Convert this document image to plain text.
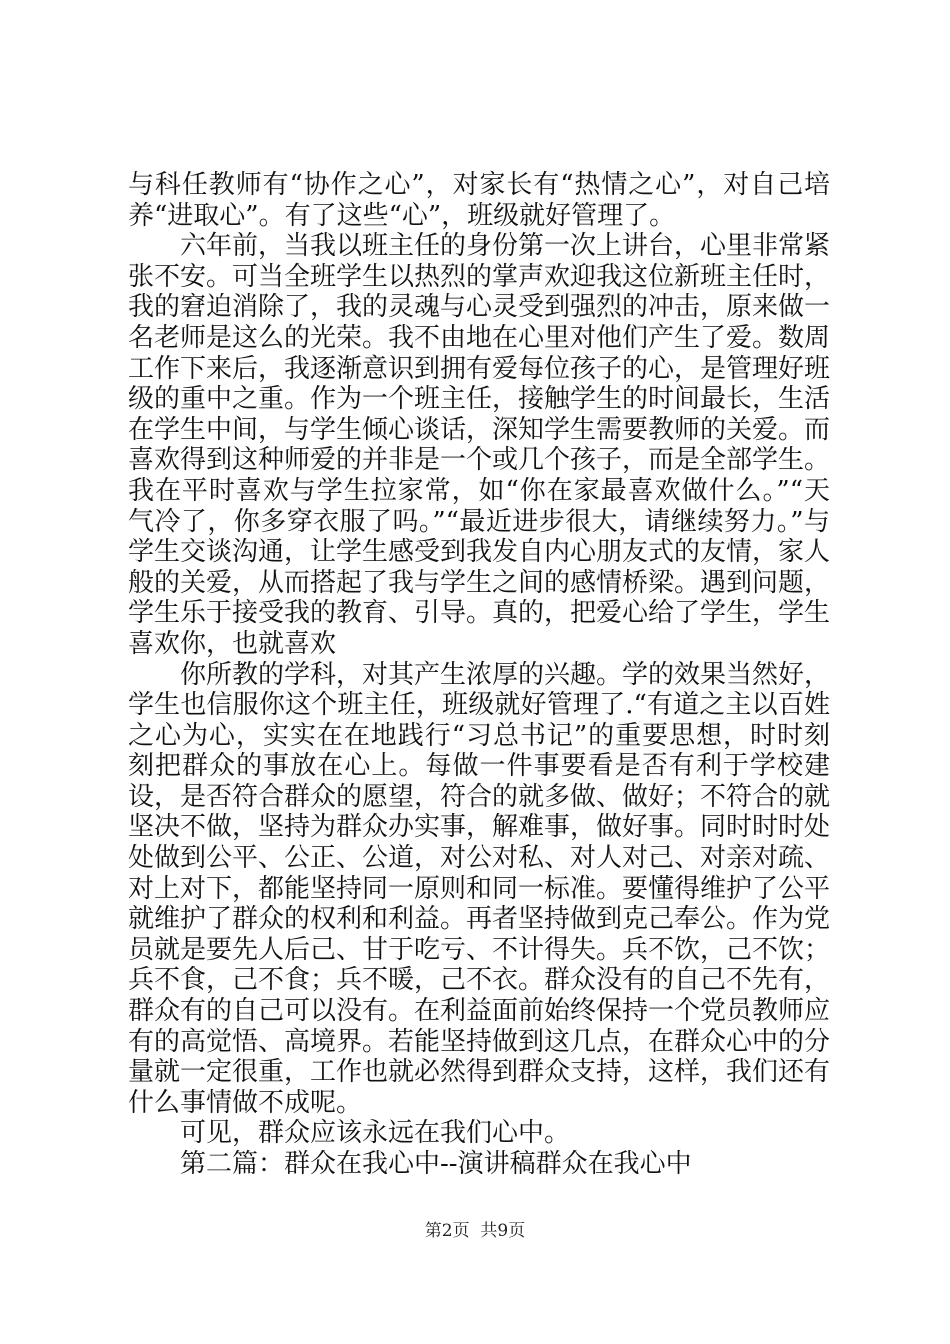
与科任教师有“协作之心”，对家长有“热情之心”，对自己培养“进取心”。有了这些“心”，班级就好管理了。

六年前，当我以班主任的身份第一次上讲台，心里非常紧张不安。可当全班学生以热烈的掌声欢迎我这位新班主任时，我的窘迫消除了，我的灵魂与心灵受到强烈的冲击，原来做一名老师是这么的光荣。我不由地在心里对他们产生了爱。数周工作下来后，我逐渐意识到拥有爱每位孩子的心，是管理好班级的重中之重。作为一个班主任，接触学生的时间最长，生活在学生中间，与学生倾心谈话，深知学生需要教师的关爱。而喜欢得到这种师爱的并非是一个或几个孩子，而是全部学生。我在平时喜欢与学生拉家常，如“你在家最喜欢做什么。”“天气冷了，你多穿衣服了吗。”“最近进步很大，请继续努力。”与学生交谈沟通，让学生感受到我发自内心朋友式的友情，家人般的关爱，从而搭起了我与学生之间的感情桥梁。遇到问题，学生乐于接受我的教育、引导。真的，把爱心给了学生，学生喜欢你，也就喜欢

你所教的学科，对其产生浓厚的兴趣。学的效果当然好，学生也信服你这个班主任，班级就好管理了.“有道之主以百姓之心为心，实实在在地践行“习总书记”的重要思想，时时刻刻把群众的事放在心上。每做一件事要看是否有利于学校建设，是否符合群众的愿望，符合的就多做、做好；不符合的就坚决不做，坚持为群众办实事，解难事，做好事。同时时时处处做到公平、公正、公道，对公对私、对人对己、对亲对疏、对上对下，都能坚持同一原则和同一标准。要懂得维护了公平就维护了群众的权利和利益。再者坚持做到克己奉公。作为党员就是要先人后己、甘于吃亏、不计得失。兵不饮，己不饮；兵不食，己不食；兵不暖，己不衣。群众没有的自己不先有，群众有的自己可以没有。在利益面前始终保持一个党员教师应有的高觉悟、高境界。若能坚持做到这几点，在群众心中的分量就一定很重，工作也就必然得到群众支持，这样，我们还有什么事情做不成呢。

可见，群众应该永远在我们心中。

第二篇：群众在我心中--演讲稿群众在我心中

第2页  共9页
